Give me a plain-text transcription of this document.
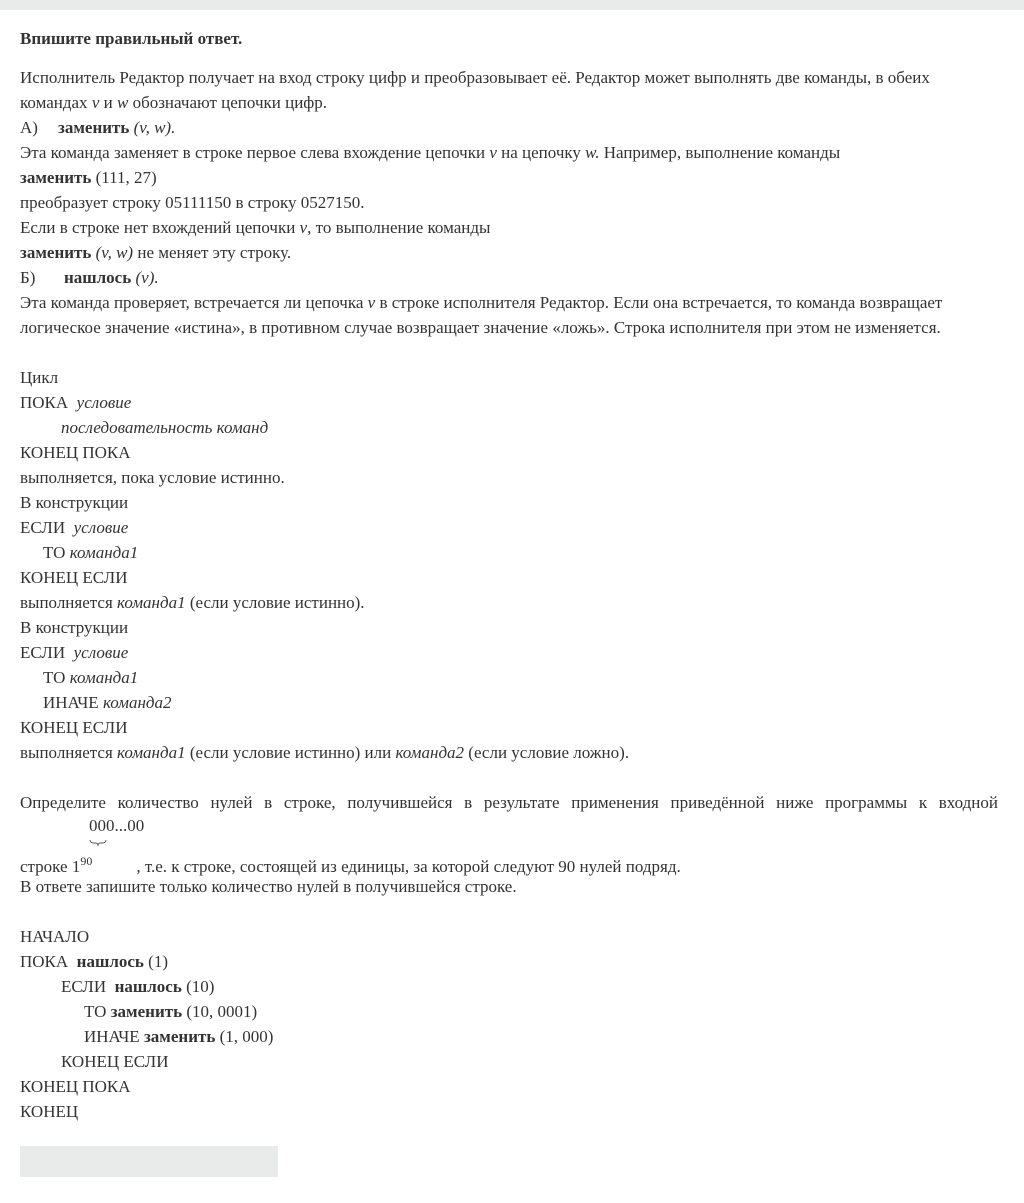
Впишите правильный ответ.
Исполнитель Редактор получает на вход строку цифр и преобразовывает её. Редактор может выполнять две команды, в обеих
командах v и w обозначают цепочки цифр.
А) заменить (v, w).
Эта команда заменяет в строке первое слева вхождение цепочки v на цепочку w. Например, выполнение команды
заменить (111, 27)
преобразует строку 05111150 в строку 0527150.
Если в строке нет вхождений цепочки v, то выполнение команды
заменить (v, w) не меняет эту строку.
Б) нашлось (v).
Эта команда проверяет, встречается ли цепочка v в строке исполнителя Редактор. Если она встречается, то команда возвращает
логическое значение «истина», в противном случае возвращает значение «ложь». Строка исполнителя при этом не изменяется.
Цикл
ПОКА условие
последовательность команд
КОНЕЦ ПОКА
выполняется, пока условие истинно.
В конструкции
ЕСЛИ условие
ТО команда1
КОНЕЦ ЕСЛИ
выполняется команда1 (если условие истинно).
В конструкции
ЕСЛИ условие
ТО команда1
ИНАЧЕ команда2
КОНЕЦ ЕСЛИ
выполняется команда1 (если условие истинно) или команда2 (если условие ложно).
Определите количество нулей в строке, получившейся в результате применения приведённой ниже программы к входной
000...00
строке $1^{90}$	, т.е. к строке, состоящей из единицы, за которой следуют 90 нулей подряд.
В ответе запишите только количество нулей в получившейся строке.
НАЧАЛО
ПОКА нашлось (1)
ЕСЛИ нашлось (10)
ТО заменить (10, 0001)
ИНАЧЕ заменить (1, 000)
КОНЕЦ ЕСЛИ
КОНЕЦ ПОКА
КОНЕЦ
